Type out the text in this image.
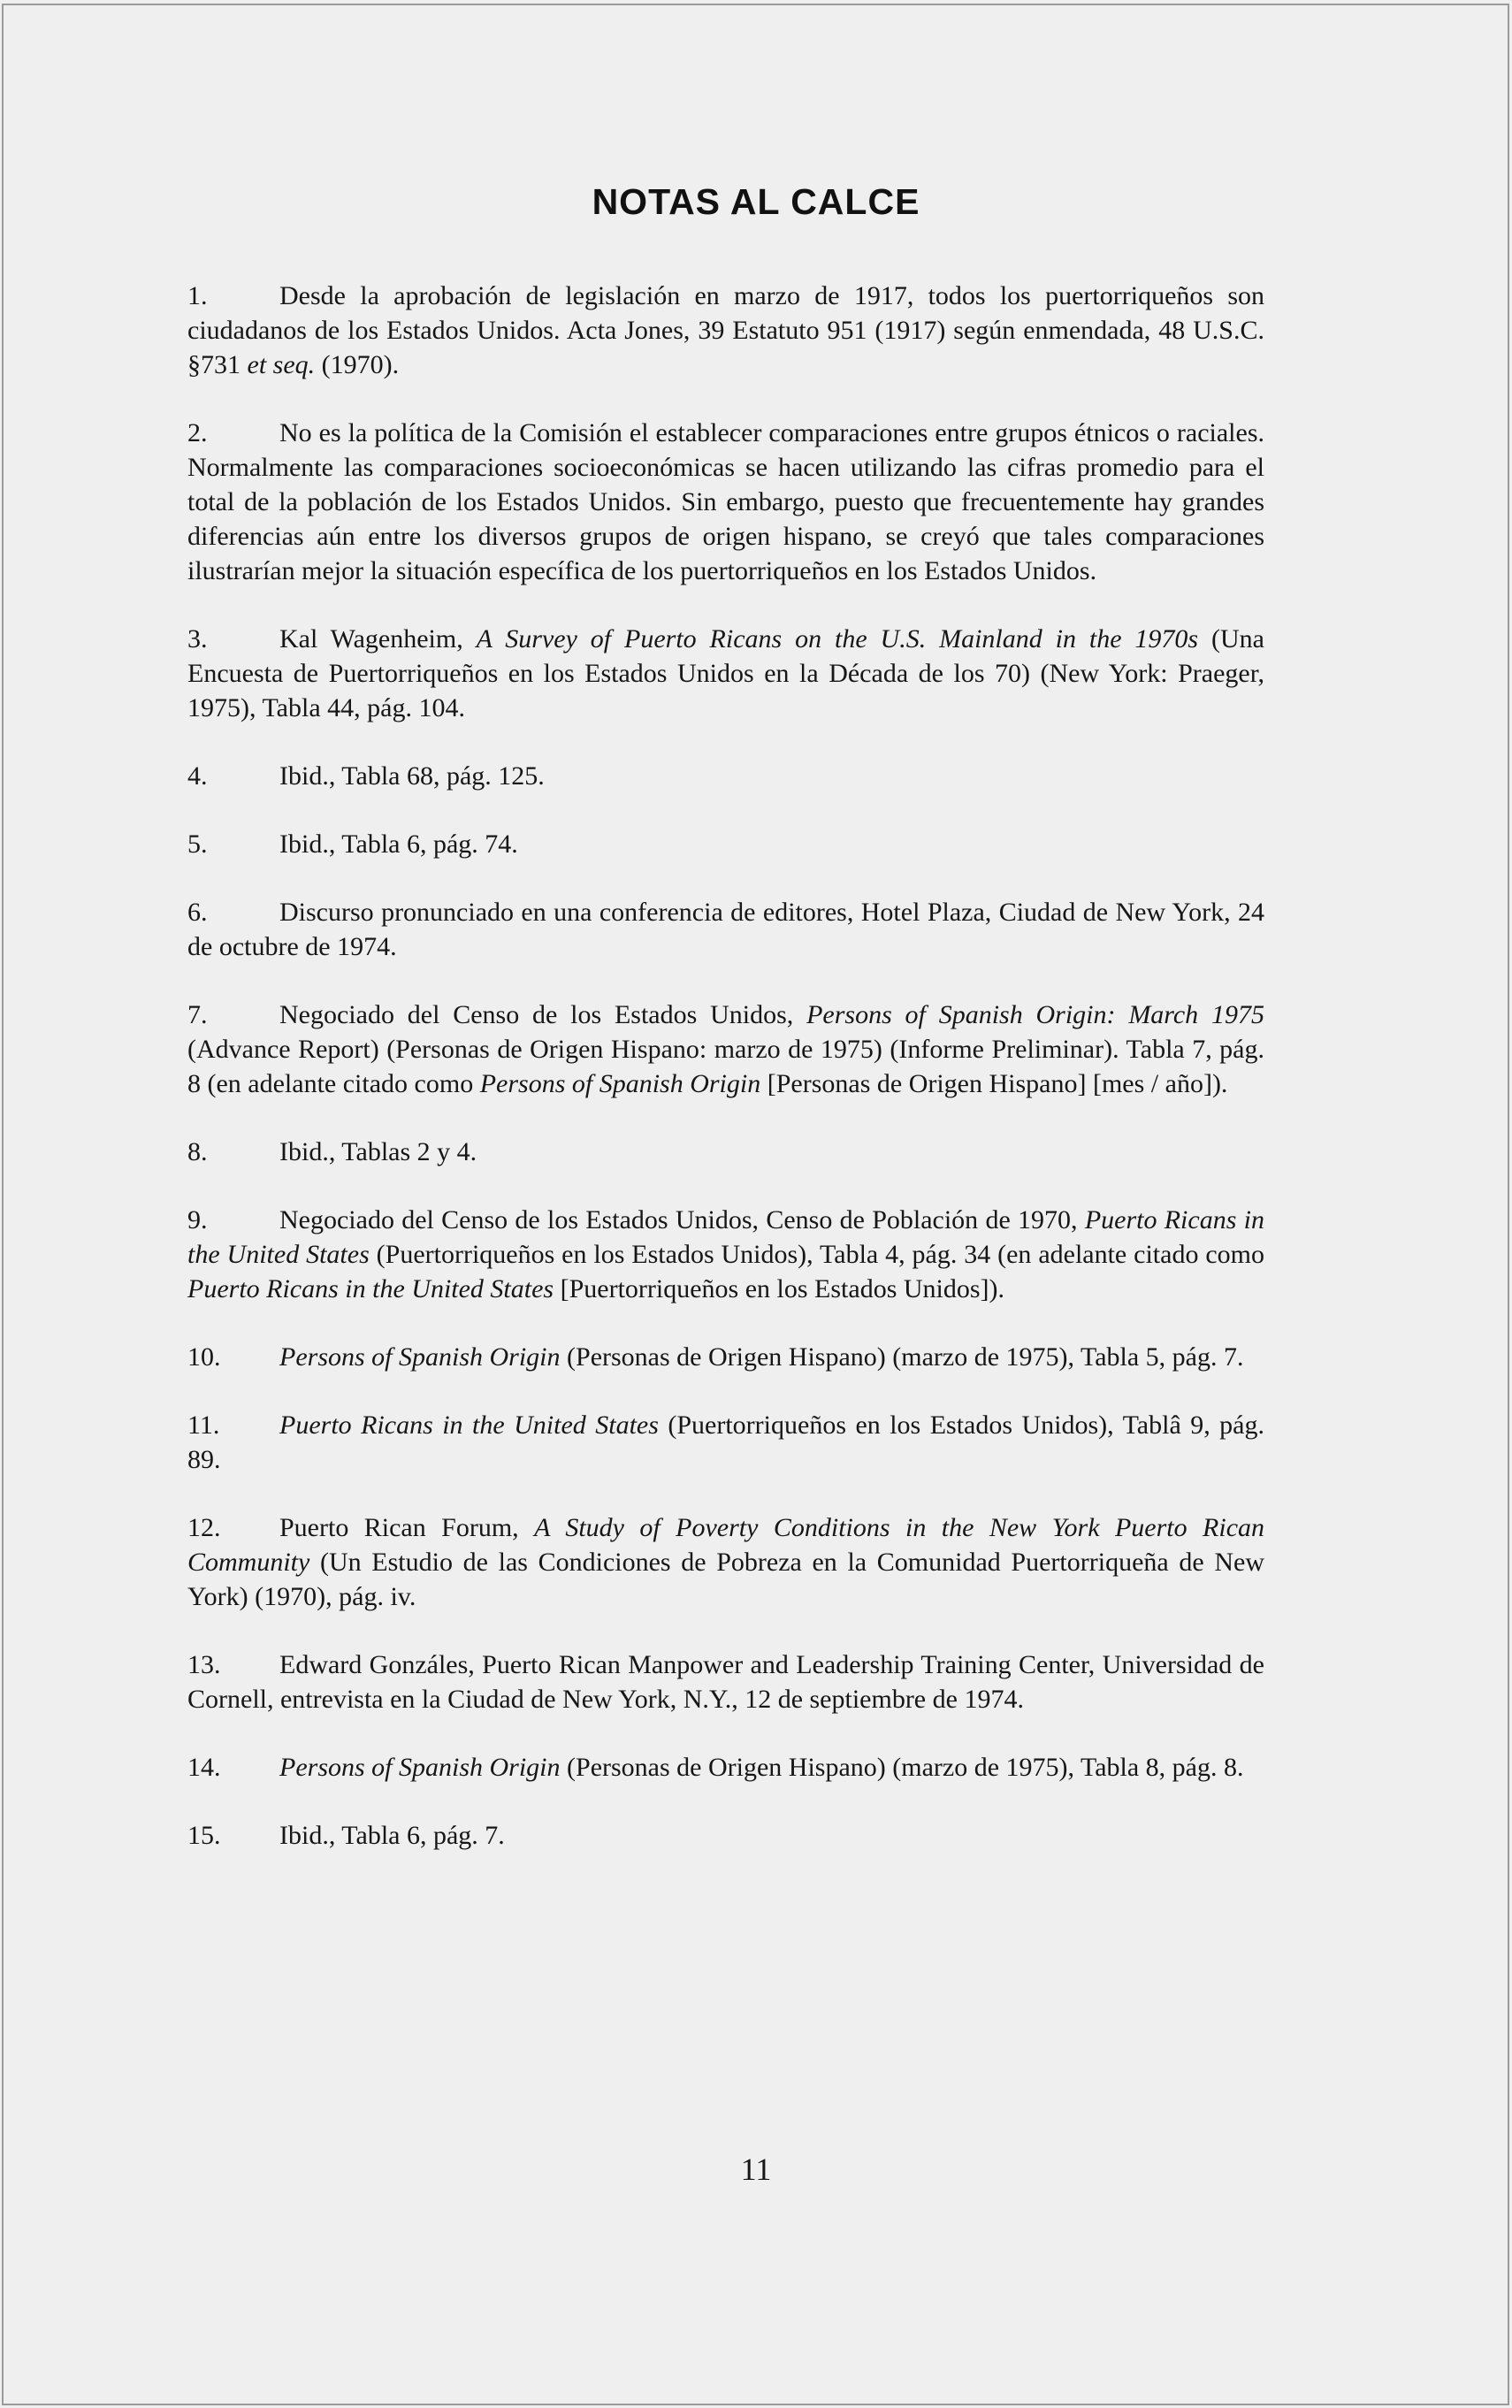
NOTAS AL CALCE

1.	Desde la aprobación de legislación en marzo de 1917, todos los puertorriqueños son ciudadanos de los Estados Unidos. Acta Jones, 39 Estatuto 951 (1917) según enmendada, 48 U.S.C. §731 et seq. (1970).

2.	No es la política de la Comisión el establecer comparaciones entre grupos étnicos o raciales. Normalmente las comparaciones socioeconómicas se hacen utilizando las cifras promedio para el total de la población de los Estados Unidos. Sin embargo, puesto que frecuentemente hay grandes diferencias aún entre los diversos grupos de origen hispano, se creyó que tales comparaciones ilustrarían mejor la situación específica de los puertorriqueños en los Estados Unidos.

3.	Kal Wagenheim, A Survey of Puerto Ricans on the U.S. Mainland in the 1970s (Una Encuesta de Puertorriqueños en los Estados Unidos en la Década de los 70) (New York: Praeger, 1975), Tabla 44, pág. 104.

4.	Ibid., Tabla 68, pág. 125.

5.	Ibid., Tabla 6, pág. 74.

6.	Discurso pronunciado en una conferencia de editores, Hotel Plaza, Ciudad de New York, 24 de octubre de 1974.

7.	Negociado del Censo de los Estados Unidos, Persons of Spanish Origin: March 1975 (Advance Report) (Personas de Origen Hispano: marzo de 1975) (Informe Preliminar). Tabla 7, pág. 8 (en adelante citado como Persons of Spanish Origin [Personas de Origen Hispano] [mes / año]).

8.	Ibid., Tablas 2 y 4.

9.	Negociado del Censo de los Estados Unidos, Censo de Población de 1970, Puerto Ricans in the United States (Puertorriqueños en los Estados Unidos), Tabla 4, pág. 34 (en adelante citado como Puerto Ricans in the United States [Puertorriqueños en los Estados Unidos]).

10. Persons of Spanish Origin (Personas de Origen Hispano) (marzo de 1975), Tabla 5, pág. 7.

11. Puerto Ricans in the United States (Puertorriqueños en los Estados Unidos), Tablâ 9, pág. 89.

12. Puerto Rican Forum, A Study of Poverty Conditions in the New York Puerto Rican Community (Un Estudio de las Condiciones de Pobreza en la Comunidad Puertorriqueña de New York) (1970), pág. iv.

13. Edward Gonzáles, Puerto Rican Manpower and Leadership Training Center, Universidad de Cornell, entrevista en la Ciudad de New York, N.Y., 12 de septiembre de 1974.

14. Persons of Spanish Origin (Personas de Origen Hispano) (marzo de 1975), Tabla 8, pág. 8.

15. Ibid., Tabla 6, pág. 7.

11
